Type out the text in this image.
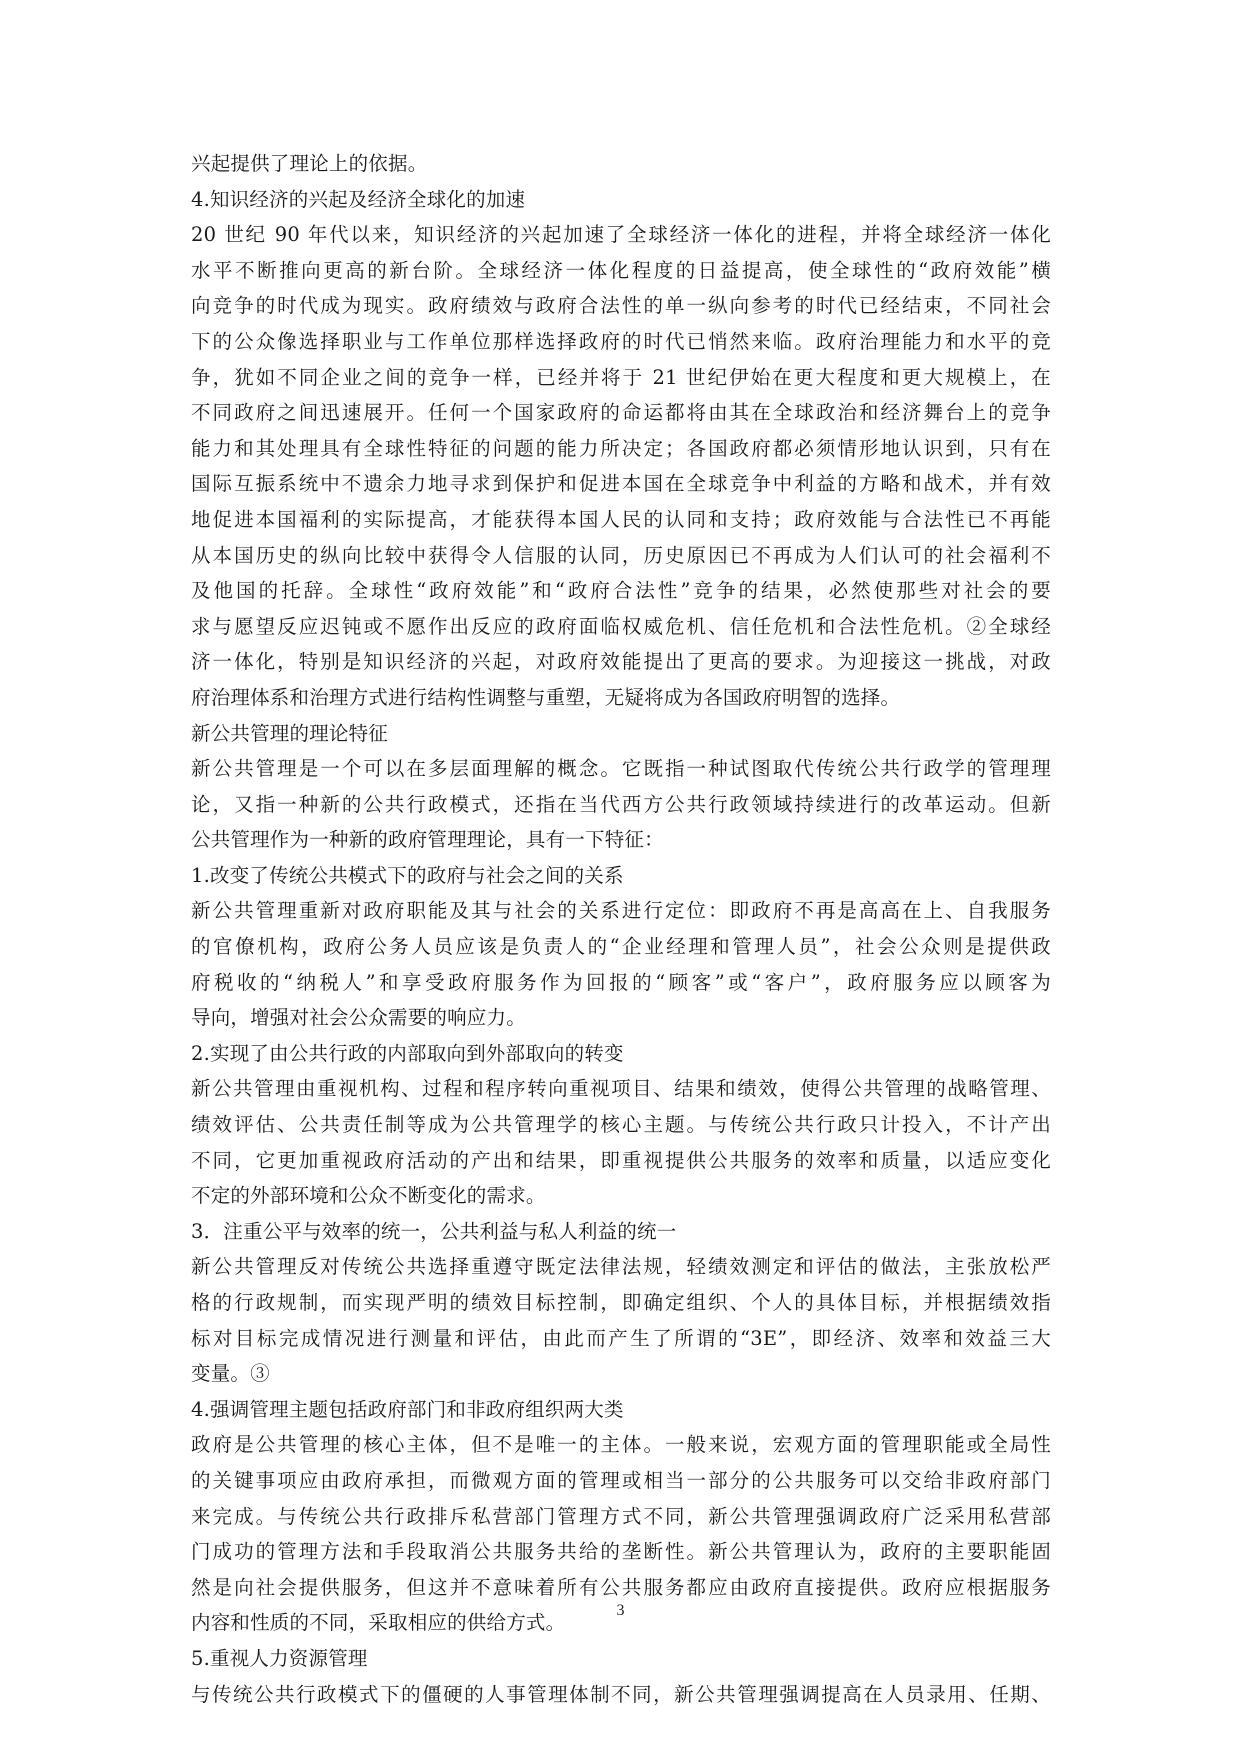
兴起提供了理论上的依据。
4.知识经济的兴起及经济全球化的加速
20 世纪 90 年代以来，知识经济的兴起加速了全球经济一体化的进程，并将全球经济一体化
水平不断推向更高的新台阶。全球经济一体化程度的日益提高，使全球性的“政府效能”横
向竞争的时代成为现实。政府绩效与政府合法性的单一纵向参考的时代已经结束，不同社会
下的公众像选择职业与工作单位那样选择政府的时代已悄然来临。政府治理能力和水平的竞
争，犹如不同企业之间的竞争一样，已经并将于 21 世纪伊始在更大程度和更大规模上，在
不同政府之间迅速展开。任何一个国家政府的命运都将由其在全球政治和经济舞台上的竞争
能力和其处理具有全球性特征的问题的能力所决定；各国政府都必须情形地认识到，只有在
国际互振系统中不遗余力地寻求到保护和促进本国在全球竞争中利益的方略和战术，并有效
地促进本国福利的实际提高，才能获得本国人民的认同和支持；政府效能与合法性已不再能
从本国历史的纵向比较中获得令人信服的认同，历史原因已不再成为人们认可的社会福利不
及他国的托辞。全球性“政府效能”和“政府合法性”竞争的结果，必然使那些对社会的要
求与愿望反应迟钝或不愿作出反应的政府面临权威危机、信任危机和合法性危机。②全球经
济一体化，特别是知识经济的兴起，对政府效能提出了更高的要求。为迎接这一挑战，对政
府治理体系和治理方式进行结构性调整与重塑，无疑将成为各国政府明智的选择。
新公共管理的理论特征
新公共管理是一个可以在多层面理解的概念。它既指一种试图取代传统公共行政学的管理理
论，又指一种新的公共行政模式，还指在当代西方公共行政领域持续进行的改革运动。但新
公共管理作为一种新的政府管理理论，具有一下特征：
1.改变了传统公共模式下的政府与社会之间的关系
新公共管理重新对政府职能及其与社会的关系进行定位：即政府不再是高高在上、自我服务
的官僚机构，政府公务人员应该是负责人的“企业经理和管理人员”，社会公众则是提供政
府税收的“纳税人”和享受政府服务作为回报的“顾客”或“客户”，政府服务应以顾客为
导向，增强对社会公众需要的响应力。
2.实现了由公共行政的内部取向到外部取向的转变
新公共管理由重视机构、过程和程序转向重视项目、结果和绩效，使得公共管理的战略管理、
绩效评估、公共责任制等成为公共管理学的核心主题。与传统公共行政只计投入，不计产出
不同，它更加重视政府活动的产出和结果，即重视提供公共服务的效率和质量，以适应变化
不定的外部环境和公众不断变化的需求。
3．注重公平与效率的统一，公共利益与私人利益的统一
新公共管理反对传统公共选择重遵守既定法律法规，轻绩效测定和评估的做法，主张放松严
格的行政规制，而实现严明的绩效目标控制，即确定组织、个人的具体目标，并根据绩效指
标对目标完成情况进行测量和评估，由此而产生了所谓的“3E”，即经济、效率和效益三大
变量。③
4.强调管理主题包括政府部门和非政府组织两大类
政府是公共管理的核心主体，但不是唯一的主体。一般来说，宏观方面的管理职能或全局性
的关键事项应由政府承担，而微观方面的管理或相当一部分的公共服务可以交给非政府部门
来完成。与传统公共行政排斥私营部门管理方式不同，新公共管理强调政府广泛采用私营部
门成功的管理方法和手段取消公共服务共给的垄断性。新公共管理认为，政府的主要职能固
然是向社会提供服务，但这并不意味着所有公共服务都应由政府直接提供。政府应根据服务
内容和性质的不同，采取相应的供给方式。
5.重视人力资源管理
与传统公共行政模式下的僵硬的人事管理体制不同，新公共管理强调提高在人员录用、任期、
3
